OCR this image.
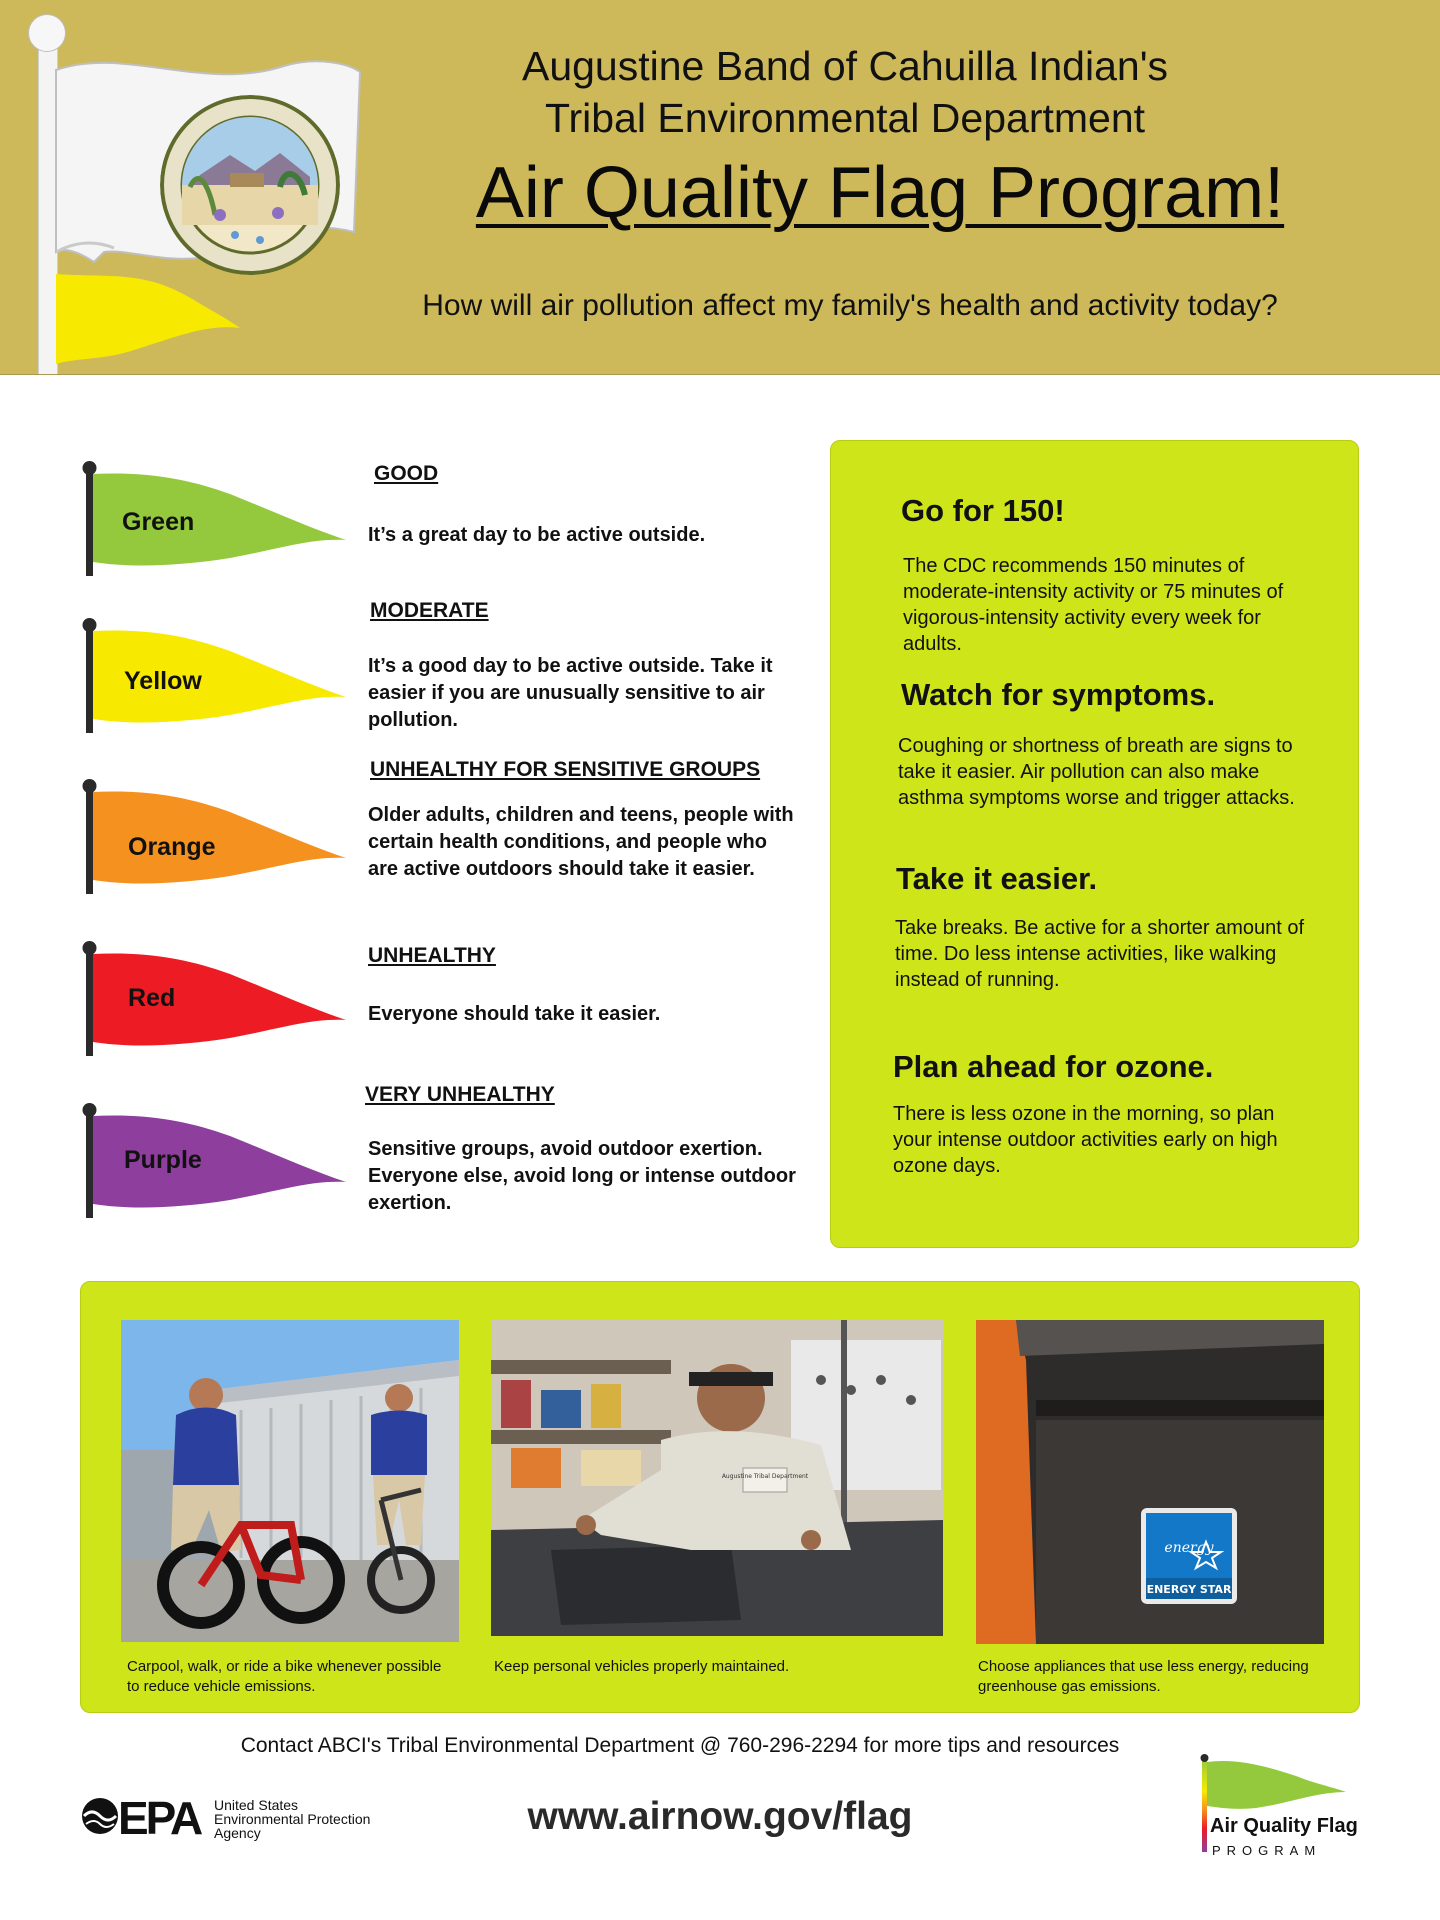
Augustine Band of Cahuilla Indian's
Tribal Environmental Department
Air Quality Flag Program!
How will air pollution affect my family's health and activity today?
Green
GOOD
It’s a great day to be active outside.
Yellow
MODERATE
It’s a good day to be active outside. Take it easier if you are unusually sensitive to air pollution.
Orange
UNHEALTHY FOR SENSITIVE GROUPS
Older adults, children and teens, people with certain health conditions, and people who are active outdoors should take it easier.
Red
UNHEALTHY
Everyone should take it easier.
Purple
VERY UNHEALTHY
Sensitive groups, avoid outdoor exertion. Everyone else, avoid long or intense outdoor exertion.
Go for 150!
The CDC recommends 150 minutes of moderate-intensity activity or 75 minutes of vigorous-intensity activity every week for adults.
Watch for symptoms.
Coughing or shortness of breath are signs to take it easier. Air pollution can also make asthma symptoms worse and trigger attacks.
Take it easier.
Take breaks. Be active for a shorter amount of time. Do less intense activities, like walking instead of running.
Plan ahead for ozone.
There is less ozone in the morning, so plan your intense outdoor activities early on high ozone days.
Augustine Tribal Department
energy
ENERGY STAR
Carpool, walk, or ride a bike whenever possible to reduce vehicle emissions.
Keep personal vehicles properly maintained.	Choose appliances that use less energy, reducing greenhouse gas emissions.
Contact ABCI's Tribal Environmental Department @ 760-296-2294 for more tips and resources
EPA United States
Environmental Protection
Agency	www.airnow.gov/flag	Air Quality Flag
PROGRAM
